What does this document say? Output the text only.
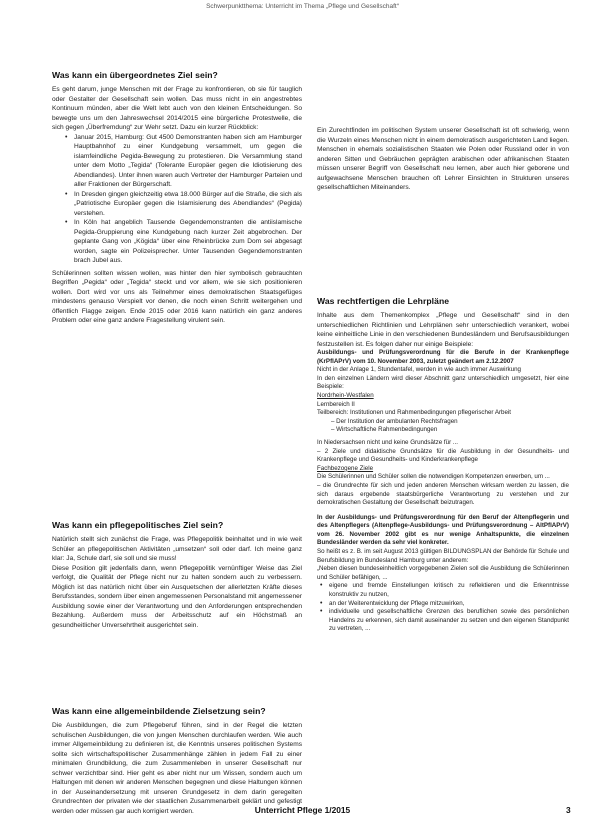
Schwerpunktthema: Unterricht im Thema „Pflege und Gesellschaft“
Was kann ein übergeordnetes Ziel sein?

Es geht darum, junge Menschen mit der Frage zu konfrontieren, ob sie für tauglich oder Gestalter der Gesellschaft sein wollen. Das muss nicht in ein angestrebtes Kontinuum münden, aber die Welt lebt auch von den kleinen Entscheidungen. So bewegte uns um den Jahreswechsel 2014/2015 eine bürgerliche Protestwelle, die sich gegen „Überfremdung“ zur Wehr setzt. Dazu ein kurzer Rückblick:

• Januar 2015, Hamburg: Gut 4500 Demonstranten haben sich am Hamburger Hauptbahnhof zu einer Kundgebung versammelt, um gegen die islamfeindliche Pegida-Bewegung zu protestieren. Die Versammlung stand unter dem Motto „Tegida“ (Tolerante Europäer gegen die Idiotisierung des Abendlandes). Unter ihnen waren auch Vertreter der Hamburger Parteien und aller Fraktionen der Bürgerschaft.
• In Dresden gingen gleichzeitig etwa 18.000 Bürger auf die Straße, die sich als „Patriotische Europäer gegen die Islamisierung des Abendlandes“ (Pegida) verstehen.
• In Köln hat angeblich Tausende Gegendemonstranten die antiislamische Pegida-Gruppierung eine Kundgebung nach kurzer Zeit abgebrochen. Der geplante Gang von „Kögida“ über eine Rheinbrücke zum Dom sei abgesagt worden, sagte ein Polizeisprecher. Unter Tausenden Gegendemonstranten brach Jubel aus.

Schülerinnen sollten wissen wollen, was hinter den hier symbolisch gebrauchten Begriffen „Pegida“ oder „Tegida“ steckt und vor allem, wie sie sich positionieren wollen. Dort wird vor uns als Teilnehmer eines demokratischen Staatsgefüges mindestens genauso Verspielt vor denen, die noch einen Schritt weitergehen und öffentlich Flagge zeigen. Ende 2015 oder 2016 kann natürlich ein ganz anderes Problem oder eine ganz andere Fragestellung virulent sein.

Was kann ein pflegepolitisches Ziel sein?

Natürlich stellt sich zunächst die Frage, was Pflegepolitik beinhaltet und in wie weit Schüler an pflegepolitischen Aktivitäten „umsetzen“ soll oder darf. Ich meine ganz klar: Ja, Schule darf, sie soll und sie muss!

Diese Position gilt jedenfalls dann, wenn Pflegepolitik vernünftiger Weise das Ziel verfolgt, die Qualität der Pflege nicht nur zu halten sondern auch zu verbessern. Möglich ist das natürlich nicht über ein Ausquetschen der allerletzten Kräfte dieses Berufsstandes, sondern über einen angemessenen Personalstand mit angemessener Ausbildung sowie einer der Verantwortung und den Anforderungen entsprechenden Bezahlung. Außerdem muss der Arbeitsschutz auf ein Höchstmaß an gesundheitlicher Unversehrtheit ausgerichtet sein.

Was kann eine allgemeinbildende Zielsetzung sein?

Die Ausbildungen, die zum Pflegeberuf führen, sind in der Regel die letzten schulischen Ausbildungen, die von jungen Menschen durchlaufen werden. Wie auch immer Allgemeinbildung zu definieren ist, die Kenntnis unseres politischen Systems sollte sich wirtschaftspolitischer Zusammenhänge zählen in jedem Fall zu einer minimalen Grundbildung, die zum Zusammenleben in unserer Gesellschaft nur schwer verzichtbar sind. Hier geht es aber nicht nur um Wissen, sondern auch um Haltungen mit denen wir anderen Menschen begegnen und diese Haltungen können in der Auseinandersetzung mit unseren Grundgesetz in dem darin geregelten Grundrechten der privaten wie der staatlichen Zusammenarbeit geklärt und gefestigt werden oder müssen gar auch korrigiert werden.

Ein Zurechtfinden im politischen System unserer Gesellschaft ist oft schwierig, wenn die Wurzeln eines Menschen nicht in einem demokratisch ausgerichteten Land liegen. Menschen in ehemals sozialistischen Staaten wie Polen oder Russland oder in von anderen Sitten und Gebräuchen geprägten arabischen oder afrikanischen Staaten müssen unserer Begriff von Gesellschaft neu lernen, aber auch hier geborene und aufgewachsene Menschen brauchen oft Lehrer Einsichten in Strukturen unseres gesellschaftlichen Miteinanders.

Was rechtfertigen die Lehrpläne

Inhalte aus dem Themenkomplex „Pflege und Gesellschaft“ sind in den unterschiedlichen Richtlinien und Lehrplänen sehr unterschiedlich verankert, wobei keine einheitliche Linie in den verschiedenen Bundesländern und Berufsausbildungen festzustellen ist. Es folgen daher nur einige Beispiele:

Ausbildungs- und Prüfungsverordnung für die Berufe in der Krankenpflege (KrPflAPrV) vom 10. November 2003, zuletzt geändert am 2.12.2007

Nicht in der Anlage 1, Stundentafel, werden in wie auch immer Auswirkung

In den einzelnen Ländern wird dieser Abschnitt ganz unterschiedlich umgesetzt, hier eine Beispiele:

Nordrhein-Westfalen

Lernbereich II

Teilbereich: Institutionen und Rahmenbedingungen pflegerischer Arbeit

– Der Institution der ambulanten Rechtsfragen

– Wirtschaftliche Rahmenbedingungen

In Niedersachsen nicht und keine Grundsätze für ...

– 2 Ziele und didaktische Grundsätze für die Ausbildung in der Gesundheits- und Krankenpflege und Gesundheits- und Kinderkrankenpflege

Fachbezogene Ziele

Die Schülerinnen und Schüler sollen die notwendigen Kompetenzen erwerben, um ...

– die Grundrechte für sich und jeden anderen Menschen wirksam werden zu lassen, die sich daraus ergebende staatsbürgerliche Verantwortung zu verstehen und zur demokratischen Gestaltung der Gesellschaft beizutragen.

In der Ausbildungs- und Prüfungsverordnung für den Beruf der Altenpflegerin und des Altenpflegers (Altenpflege-Ausbildungs- und Prüfungsverordnung – AltPflAPrV) vom 26. November 2002 gibt es nur wenige Anhaltspunkte, die einzelnen Bundesländer werden da sehr viel konkreter.

So heißt es z. B. im seit August 2013 gültigen BILDUNGSPLAN der Behörde für Schule und Berufsbildung im Bundesland Hamburg unter anderem:

„Neben diesen bundeseinheitlich vorgegebenen Zielen soll die Ausbildung die Schülerinnen und Schüler befähigen, ...

• eigene und fremde Einstellungen kritisch zu reflektieren und die Erkenntnisse konstruktiv zu nutzen,
• an der Weiterentwicklung der Pflege mitzuwirken,
• individuelle und gesellschaftliche Grenzen des beruflichen sowie des persönlichen Handelns zu erkennen, sich damit auseinander zu setzen und den eigenen Standpunkt zu vertreten, ...
Unterricht Pflege 1/2015	3
